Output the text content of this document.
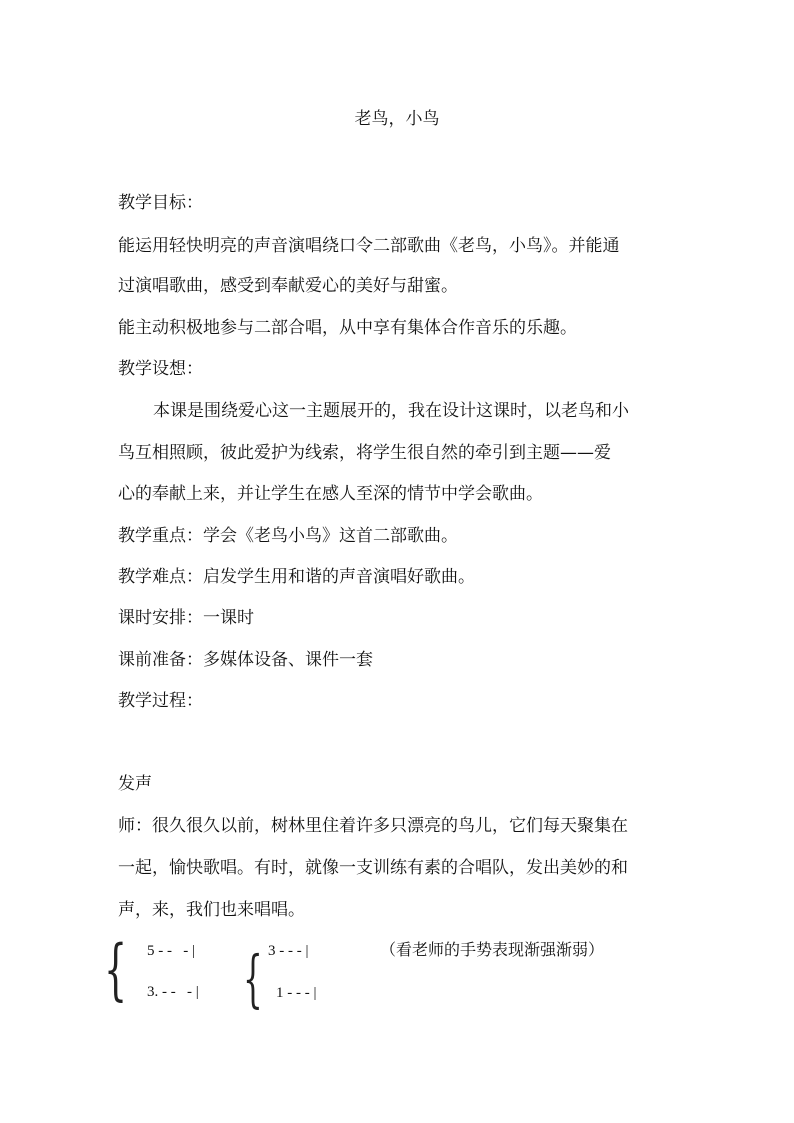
老鸟，小鸟
教学目标：
能运用轻快明亮的声音演唱绕口令二部歌曲《老鸟，小鸟》。并能通
过演唱歌曲，感受到奉献爱心的美好与甜蜜。
能主动积极地参与二部合唱，从中享有集体合作音乐的乐趣。
教学设想：
本课是围绕爱心这一主题展开的，我在设计这课时，以老鸟和小
鸟互相照顾，彼此爱护为线索，将学生很自然的牵引到主题——爱
心的奉献上来，并让学生在感人至深的情节中学会歌曲。
教学重点：学会《老鸟小鸟》这首二部歌曲。
教学难点：启发学生用和谐的声音演唱好歌曲。
课时安排：一课时
课前准备：多媒体设备、课件一套
教学过程：
发声
师：很久很久以前，树林里住着许多只漂亮的鸟儿，它们每天聚集在
一起，愉快歌唱。有时，就像一支训练有素的合唱队，发出美妙的和
声，来，我们也来唱唱。
{ 5 - -   - |
3. - -   - | { 3 - - - |
1 - - - |
（看老师的手势表现渐强渐弱）
